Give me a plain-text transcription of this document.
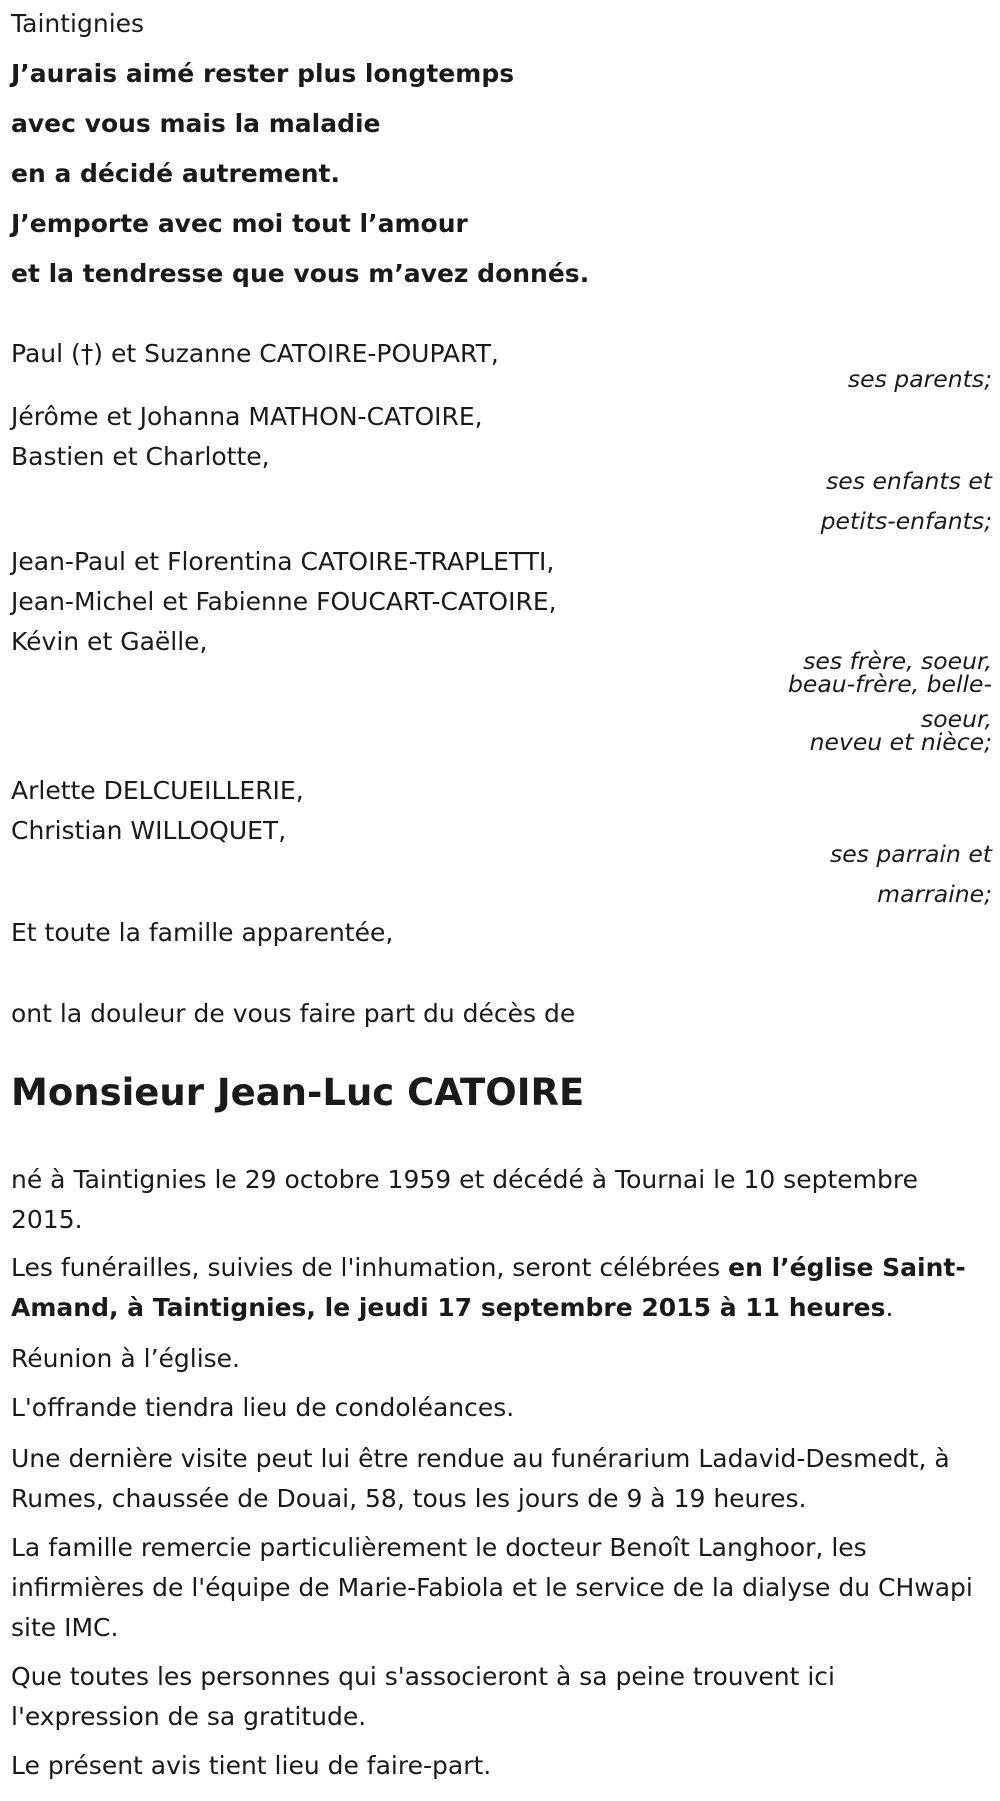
Taintignies
J’aurais aimé rester plus longtemps
avec vous mais la maladie
en a décidé autrement.
J’emporte avec moi tout l’amour
et la tendresse que vous m’avez donnés.
Paul (†) et Suzanne CATOIRE-POUPART,
ses parents;
Jérôme et Johanna MATHON-CATOIRE,
Bastien et Charlotte,
ses enfants et
petits-enfants;
Jean-Paul et Florentina CATOIRE-TRAPLETTI,
Jean-Michel et Fabienne FOUCART-CATOIRE,
Kévin et Gaëlle,
ses frère, soeur,
beau-frère, belle-
soeur,
neveu et nièce;
Arlette DELCUEILLERIE,
Christian WILLOQUET,
ses parrain et
marraine;
Et toute la famille apparentée,
ont la douleur de vous faire part du décès de
Monsieur Jean-Luc CATOIRE

né à Taintignies le 29 octobre 1959 et décédé à Tournai le 10 septembre 2015.

Les funérailles, suivies de l'inhumation, seront célébrées en l’église Saint-Amand, à Taintignies, le jeudi 17 septembre 2015 à 11 heures.

Réunion à l’église.

L'offrande tiendra lieu de condoléances.

Une dernière visite peut lui être rendue au funérarium Ladavid-Desmedt, à Rumes, chaussée de Douai, 58, tous les jours de 9 à 19 heures.

La famille remercie particulièrement le docteur Benoît Langhoor, les infirmières de l'équipe de Marie-Fabiola et le service de la dialyse du CHwapi site IMC.

Que toutes les personnes qui s'associeront à sa peine trouvent ici l'expression de sa gratitude.

Le présent avis tient lieu de faire-part.
